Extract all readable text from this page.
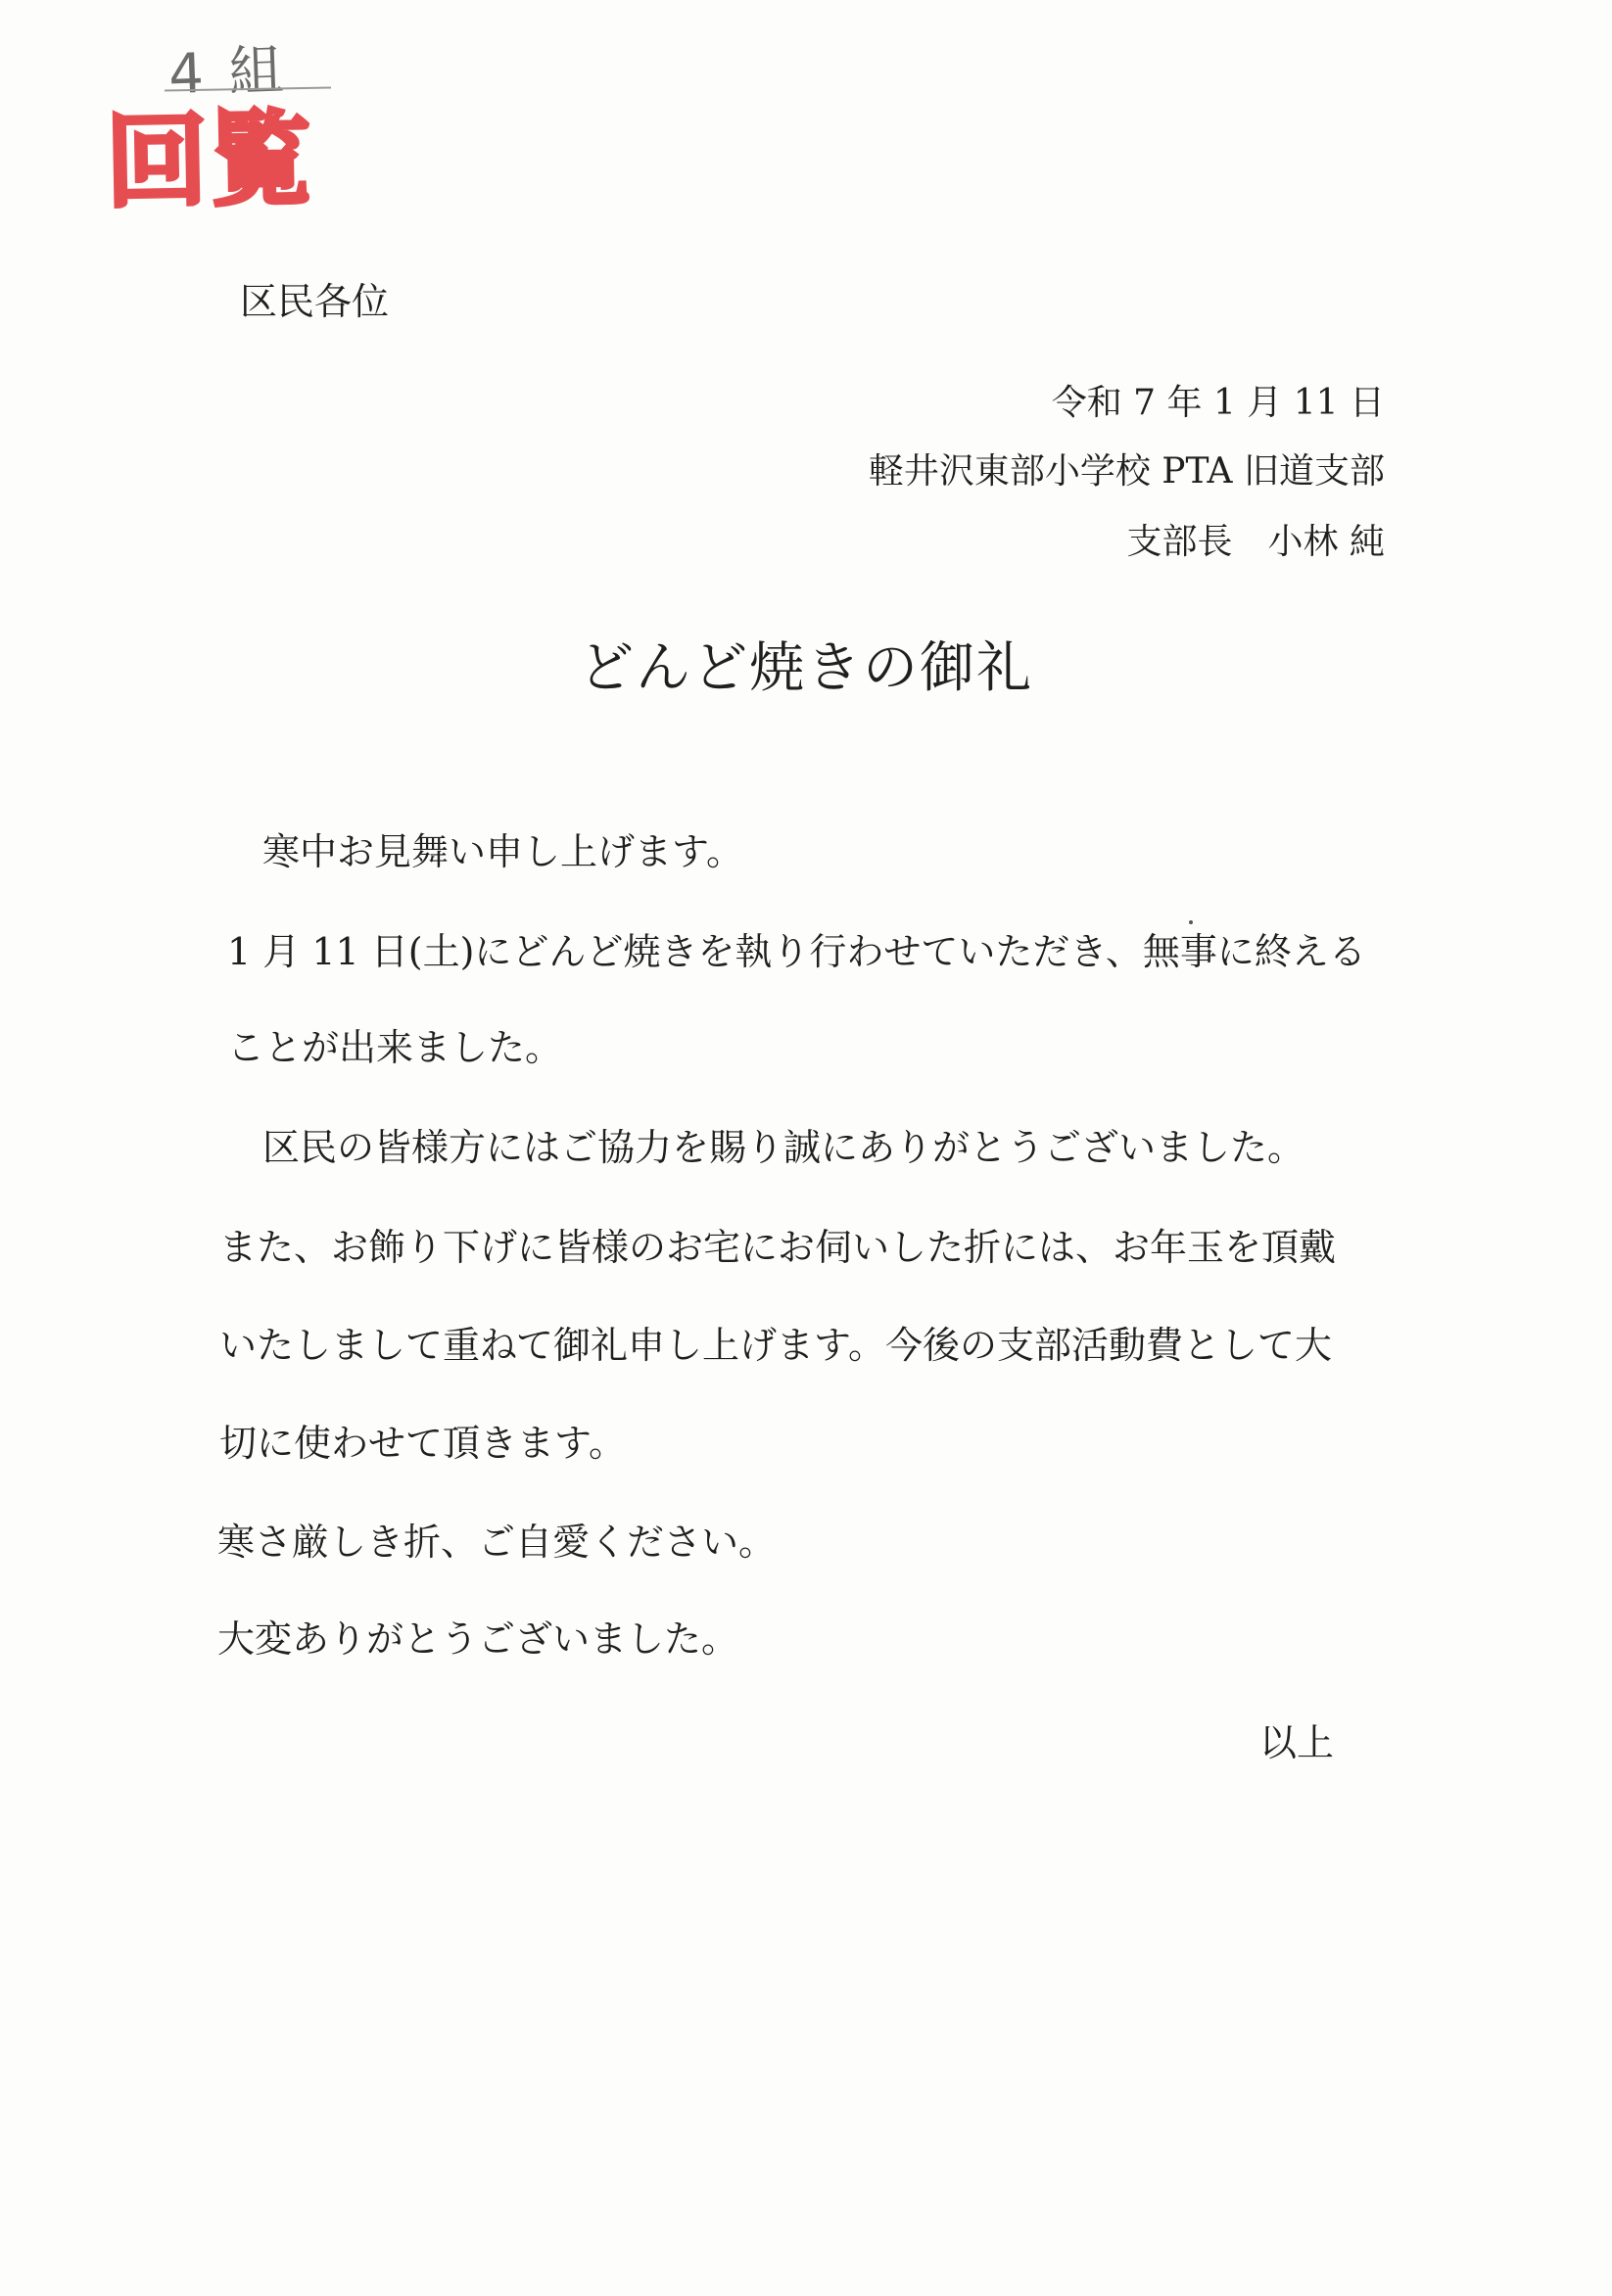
4 組
回覧
区民各位
令和 7 年 1 月 11 日
軽井沢東部小学校 PTA 旧道支部
支部長　小林 純
どんど焼きの御礼
寒中お見舞い申し上げます。
1 月 11 日(土)にどんど焼きを執り行わせていただき、無事に終える
ことが出来ました。
区民の皆様方にはご協力を賜り誠にありがとうございました。
また、お飾り下げに皆様のお宅にお伺いした折には、お年玉を頂戴
いたしまして重ねて御礼申し上げます。今後の支部活動費として大
切に使わせて頂きます。
寒さ厳しき折、ご自愛ください。
大変ありがとうございました。
以上
